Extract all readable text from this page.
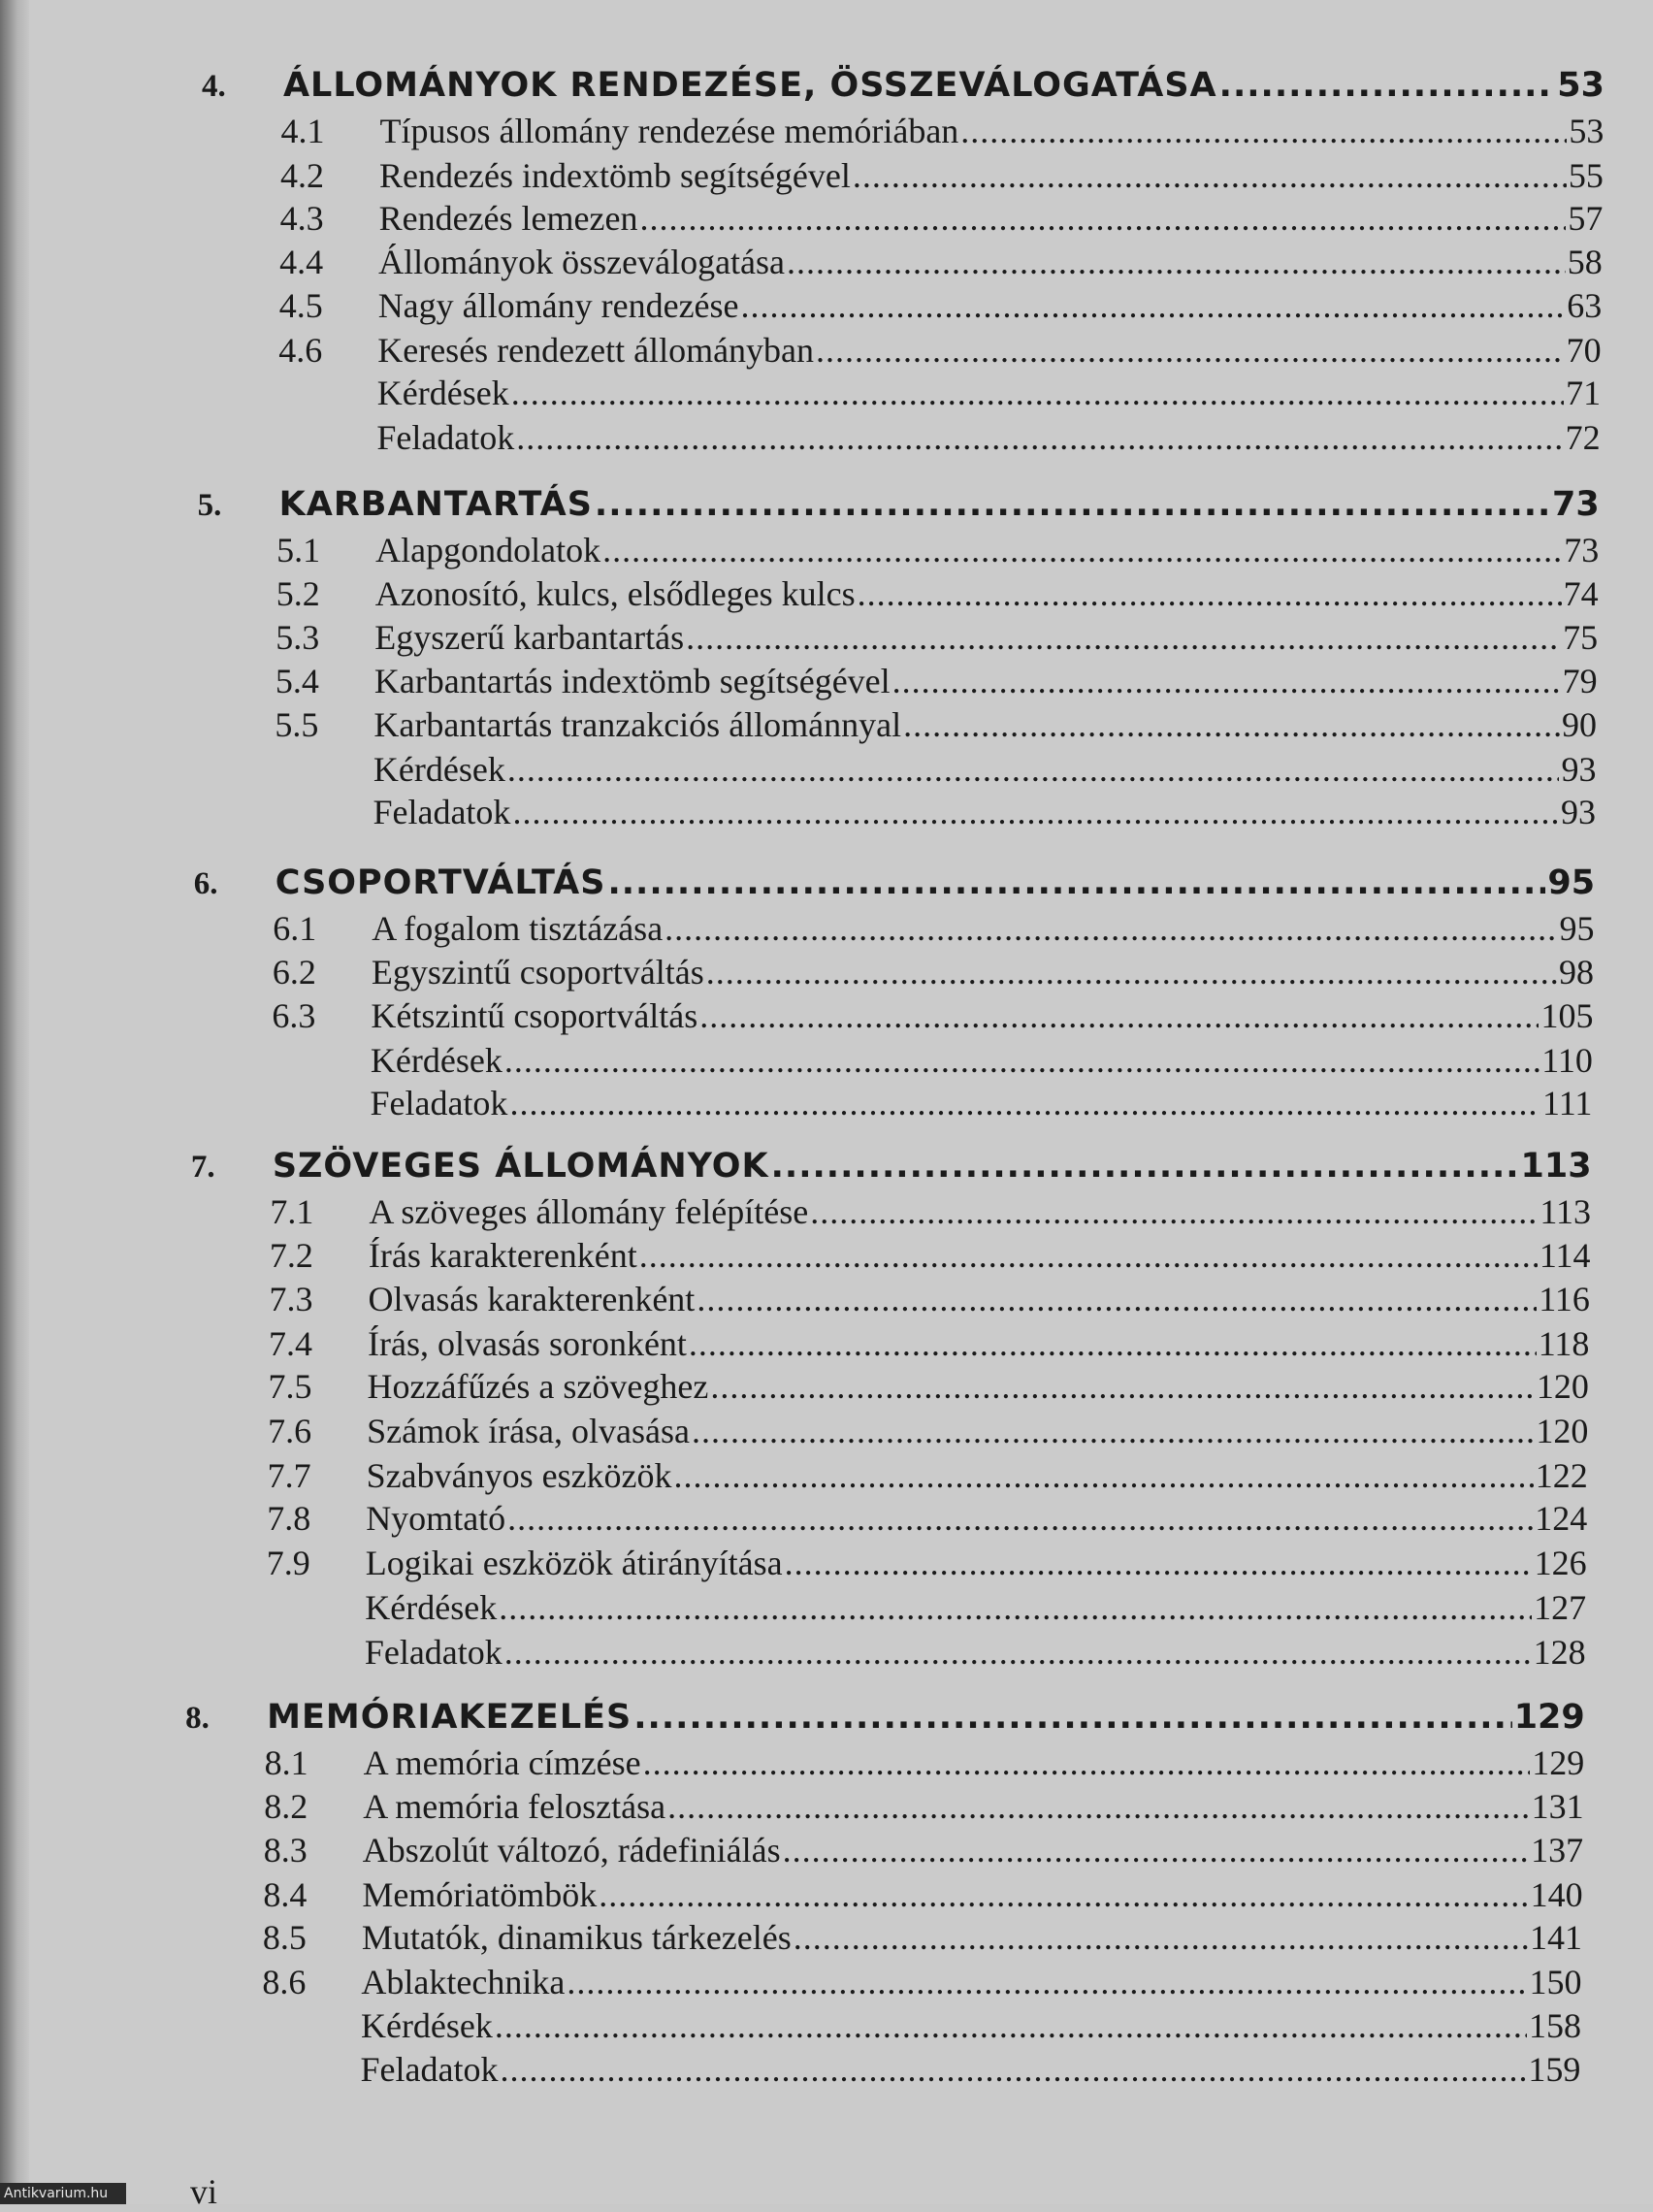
4.	ÁLLOMÁNYOK RENDEZÉSE, ÖSSZEVÁLOGATÁSA .....	53
4.1	Típusos állomány rendezése memóriában .....	53
4.2	Rendezés indextömb segítségével .....	55
4.3	Rendezés lemezen .....	57
4.4	Állományok összeválogatása .....	58
4.5	Nagy állomány rendezése .....	63
4.6	Keresés rendezett állományban .....	70
Kérdések .....	71
Feladatok .....	72
5.	KARBANTARTÁS .....	73
5.1	Alapgondolatok .....	73
5.2	Azonosító, kulcs, elsődleges kulcs .....	74
5.3	Egyszerű karbantartás .....	75
5.4	Karbantartás indextömb segítségével .....	79
5.5	Karbantartás tranzakciós állománnyal .....	90
Kérdések .....	93
Feladatok .....	93
6.	CSOPORTVÁLTÁS .....	95
6.1	A fogalom tisztázása .....	95
6.2	Egyszintű csoportváltás .....	98
6.3	Kétszintű csoportváltás .....	105
Kérdések .....	110
Feladatok .....	111
7.	SZÖVEGES ÁLLOMÁNYOK .....	113
7.1	A szöveges állomány felépítése .....	113
7.2	Írás karakterenként .....	114
7.3	Olvasás karakterenként .....	116
7.4	Írás, olvasás soronként .....	118
7.5	Hozzáfűzés a szöveghez .....	120
7.6	Számok írása, olvasása .....	120
7.7	Szabványos eszközök .....	122
7.8	Nyomtató .....	124
7.9	Logikai eszközök átirányítása .....	126
Kérdések .....	127
Feladatok .....	128
8.	MEMÓRIAKEZELÉS .....	129
8.1	A memória címzése .....	129
8.2	A memória felosztása .....	131
8.3	Abszolút változó, rádefiniálás .....	137
8.4	Memóriatömbök .....	140
8.5	Mutatók, dinamikus tárkezelés .....	141
8.6	Ablaktechnika .....	150
Kérdések .....	158
Feladatok .....	159
vi
Antikvarium.hu
